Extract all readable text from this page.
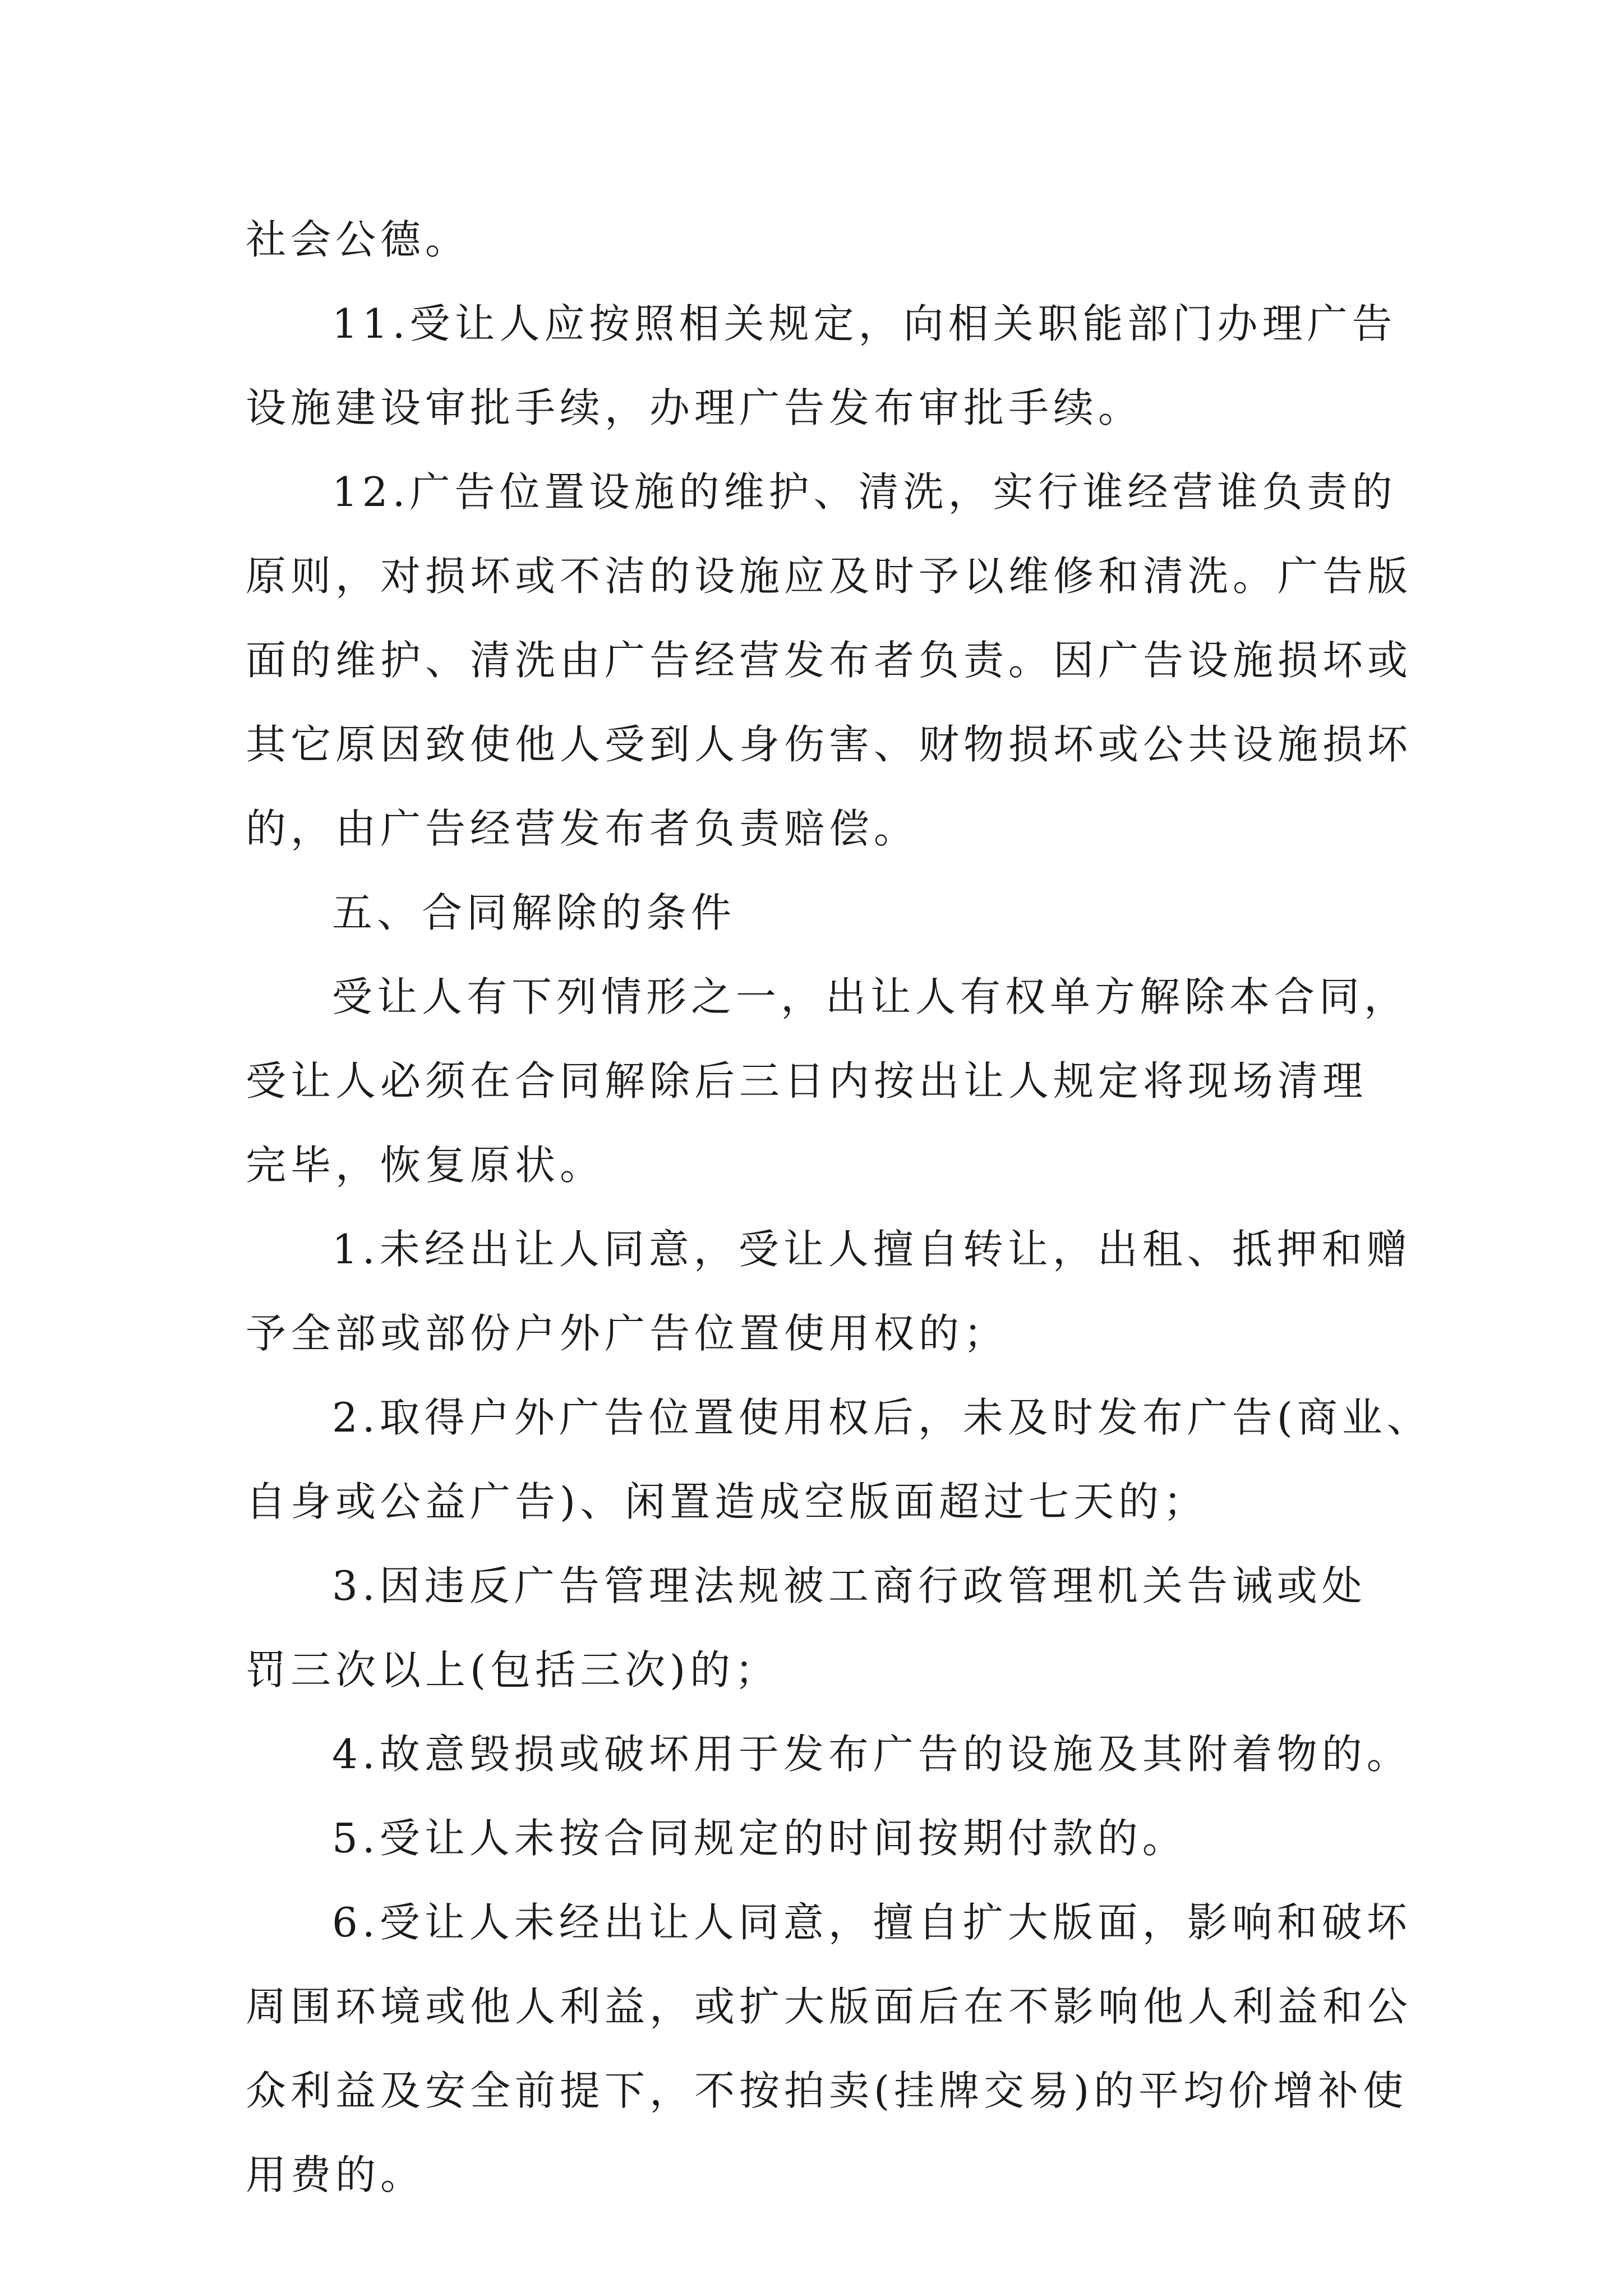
社会公德。
11.受让人应按照相关规定，向相关职能部门办理广告
设施建设审批手续，办理广告发布审批手续。
12.广告位置设施的维护、清洗，实行谁经营谁负责的
原则，对损坏或不洁的设施应及时予以维修和清洗。广告版
面的维护、清洗由广告经营发布者负责。因广告设施损坏或
其它原因致使他人受到人身伤害、财物损坏或公共设施损坏
的，由广告经营发布者负责赔偿。
五、合同解除的条件
受让人有下列情形之一，出让人有权单方解除本合同，
受让人必须在合同解除后三日内按出让人规定将现场清理
完毕，恢复原状。
1.未经出让人同意，受让人擅自转让，出租、抵押和赠
予全部或部份户外广告位置使用权的；
2.取得户外广告位置使用权后，未及时发布广告(商业、
自身或公益广告)、闲置造成空版面超过七天的；
3.因违反广告管理法规被工商行政管理机关告诫或处
罚三次以上(包括三次)的；
4.故意毁损或破坏用于发布广告的设施及其附着物的。
5.受让人未按合同规定的时间按期付款的。
6.受让人未经出让人同意，擅自扩大版面，影响和破坏
周围环境或他人利益，或扩大版面后在不影响他人利益和公
众利益及安全前提下，不按拍卖(挂牌交易)的平均价增补使
用费的。
